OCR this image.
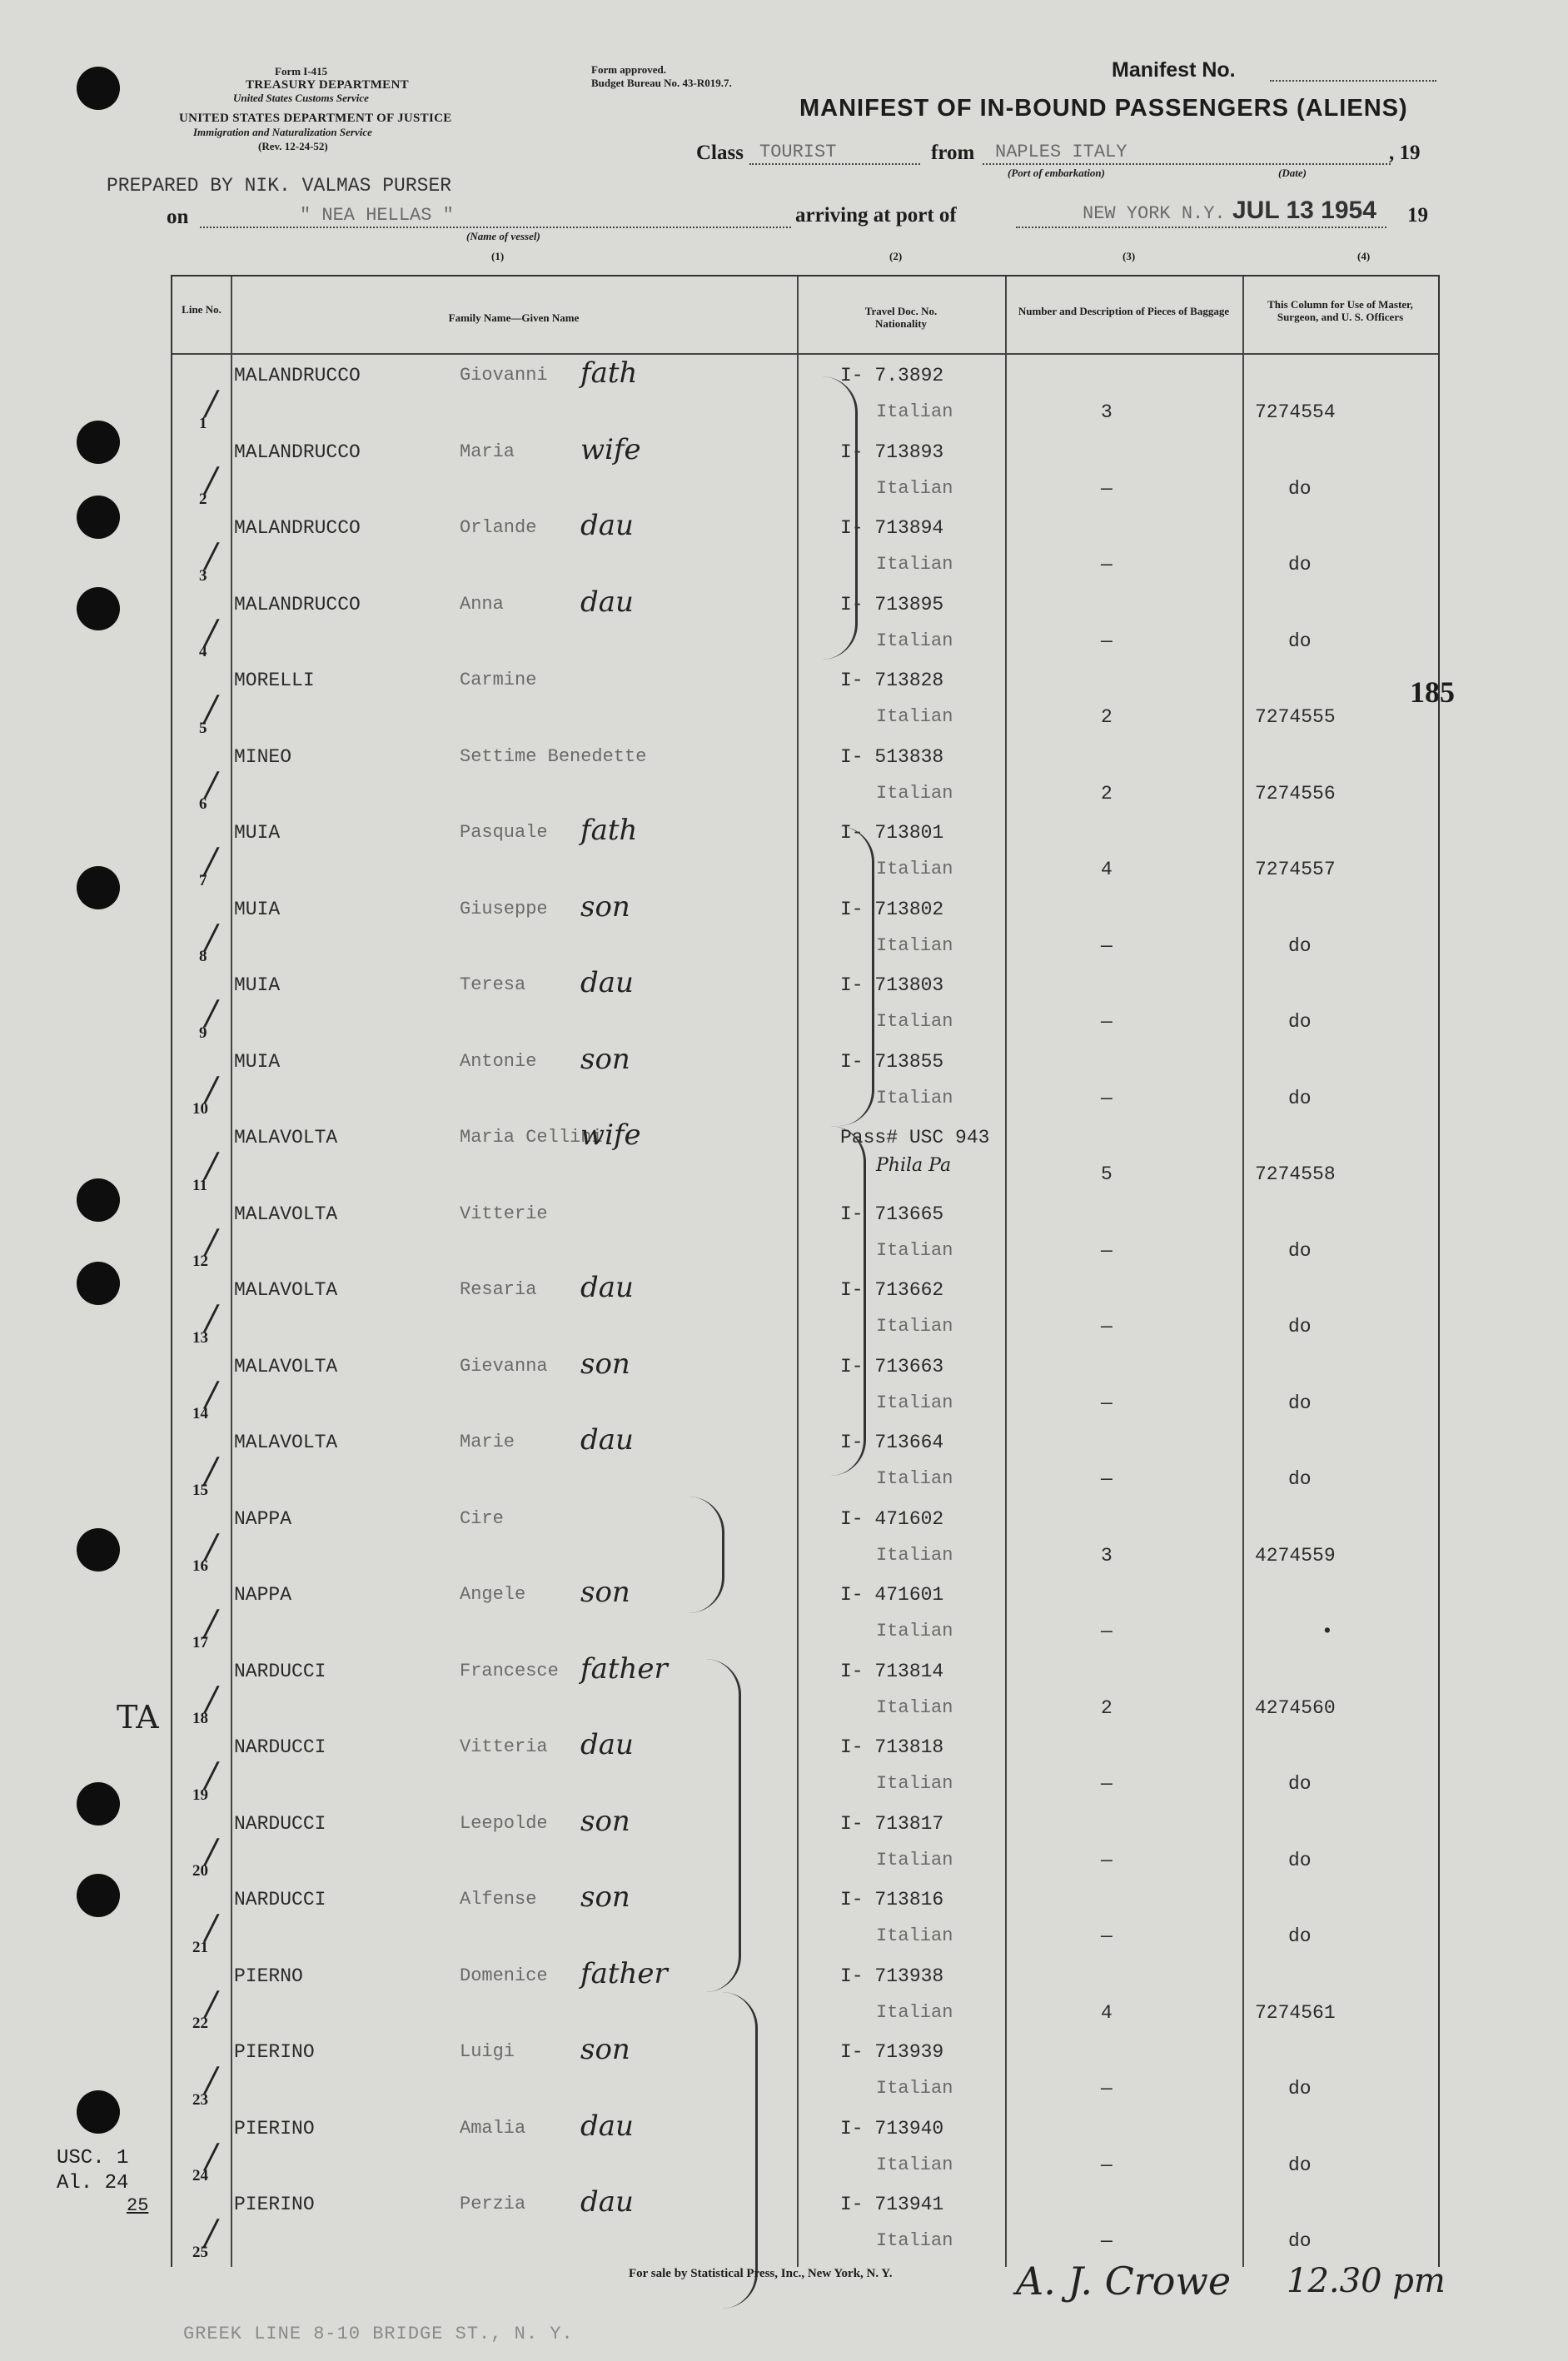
Form I-415
TREASURY DEPARTMENT
United States Customs Service
UNITED STATES DEPARTMENT OF JUSTICE
Immigration and Naturalization Service
(Rev. 12-24-52)
Form approved.
Budget Bureau No. 43-R019.7.
Manifest No.
MANIFEST OF IN-BOUND PASSENGERS (ALIENS)
Class TOURIST	from NAPLES ITALY	, 19
(Port of embarkation)	(Date)
PREPARED BY NIK. VALMAS PURSER
on	" NEA HELLAS "
(Name of vessel)
arriving at port of	NEW YORK N.Y. JUL 13 1954 19
(1)	(2)	(3)	(4)
Line No.
Family Name—Given Name
Travel Doc. No. Nationality
Number and Description of Pieces of Baggage
This Column for Use of Master, Surgeon, and U. S. Officers
1
/
MALANDRUCCO	Giovanni fath	I- 7.3892
Italian	3	7274554
2
/
MALANDRUCCO	Maria wife	I- 713893
Italian	—	do
3
/
MALANDRUCCO	Orlande dau	I- 713894
Italian	—	do
4
/
MALANDRUCCO	Anna	dau	I- 713895
Italian	—	do
5
/
MORELLI	Carmine	I- 713828
Italian	2	7274555
6
/
MINEO	Settime Benedette	I- 513838
Italian	2	7274556
7
/
MUIA	Pasquale fath	I- 713801
Italian	4	7274557
8
/
MUIA	Giuseppe son	I- 713802
Italian	—	do
9
/
MUIA	Teresa dau	I- 713803
Italian	—	do
10
/
MUIA	Antonie son	I- 713855
Italian	—	do
11
/
MALAVOLTA	Maria Cellini
wife	Pass# USC 943
Phila Pa	5	7274558
12
/
MALAVOLTA	Vitterie	I- 713665
Italian	—	do
13
/
MALAVOLTA	Resaria dau	I- 713662
Italian	—	do
14
/
MALAVOLTA	Gievanna son	I- 713663
Italian	—	do
15
/
MALAVOLTA	Marie dau	I- 713664
Italian	—	do
16
/
NAPPA	Cire	I- 471602
Italian	3	4274559
17
/
NAPPA	Angele son	I- 471601
Italian	—	•
18
/
NARDUCCI	Francesce father	I- 713814
Italian	2	4274560
19
/
NARDUCCI	Vitteria dau	I- 713818
Italian	—	do
20
/
NARDUCCI	Leepolde son	I- 713817
Italian	—	do
21
/
NARDUCCI	Alfense son	I- 713816
Italian	—	do
22
/
PIERNO	Domenice father	I- 713938
Italian	4	7274561
23
/
PIERINO	Luigi son	I- 713939
Italian	—	do
24
/
PIERINO	Amalia dau	I- 713940
Italian	—	do
25
/
PIERINO	Perzia dau	I- 713941
Italian	—	do
185
TA
USC. 1
Al. 24
25
For sale by Statistical Press, Inc., New York, N. Y.	A. J. Crowe 12.30 pm
GREEK LINE 8-10 BRIDGE ST., N. Y.
